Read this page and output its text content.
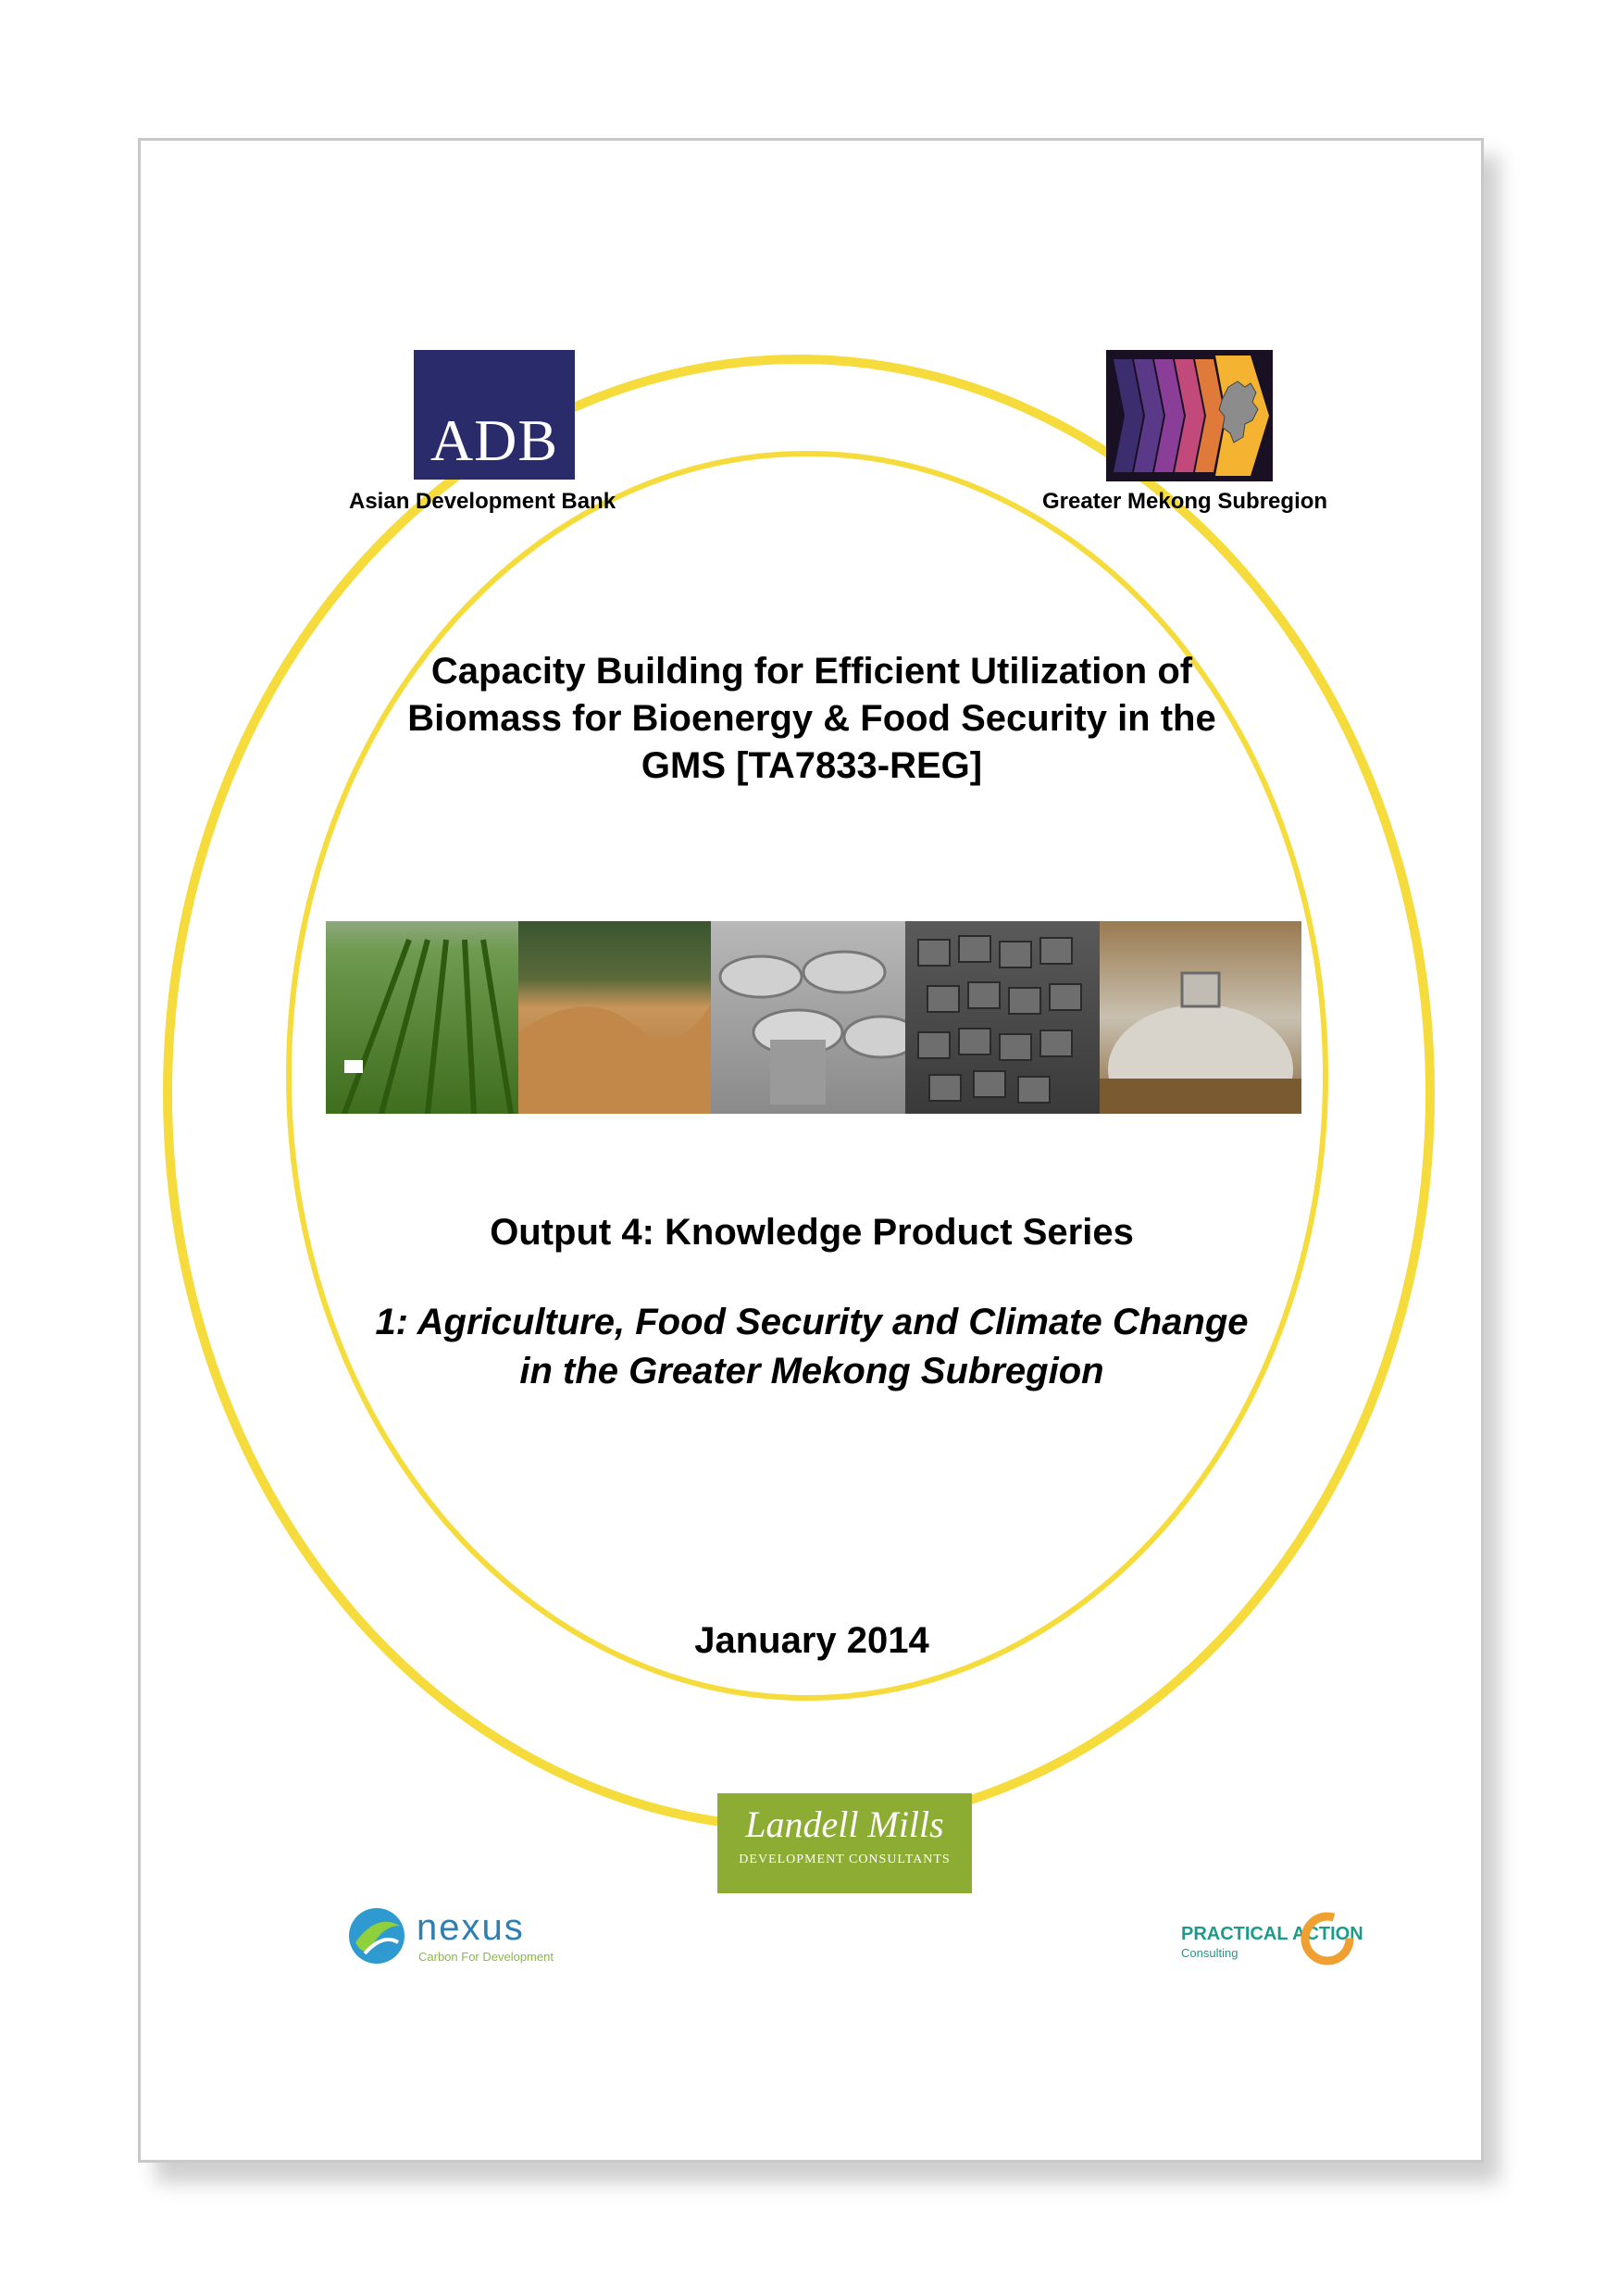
ADB
Asian Development Bank	Greater Mekong Subregion
Capacity Building for Efficient Utilization of
Biomass for Bioenergy & Food Security in the
GMS [TA7833-REG]
Output 4: Knowledge Product Series
1: Agriculture, Food Security and Climate Change
in the Greater Mekong Subregion
January 2014
Landell Mills
DEVELOPMENT CONSULTANTS
nexus
Carbon For Development
PRACTICAL ACTION
Consulting
